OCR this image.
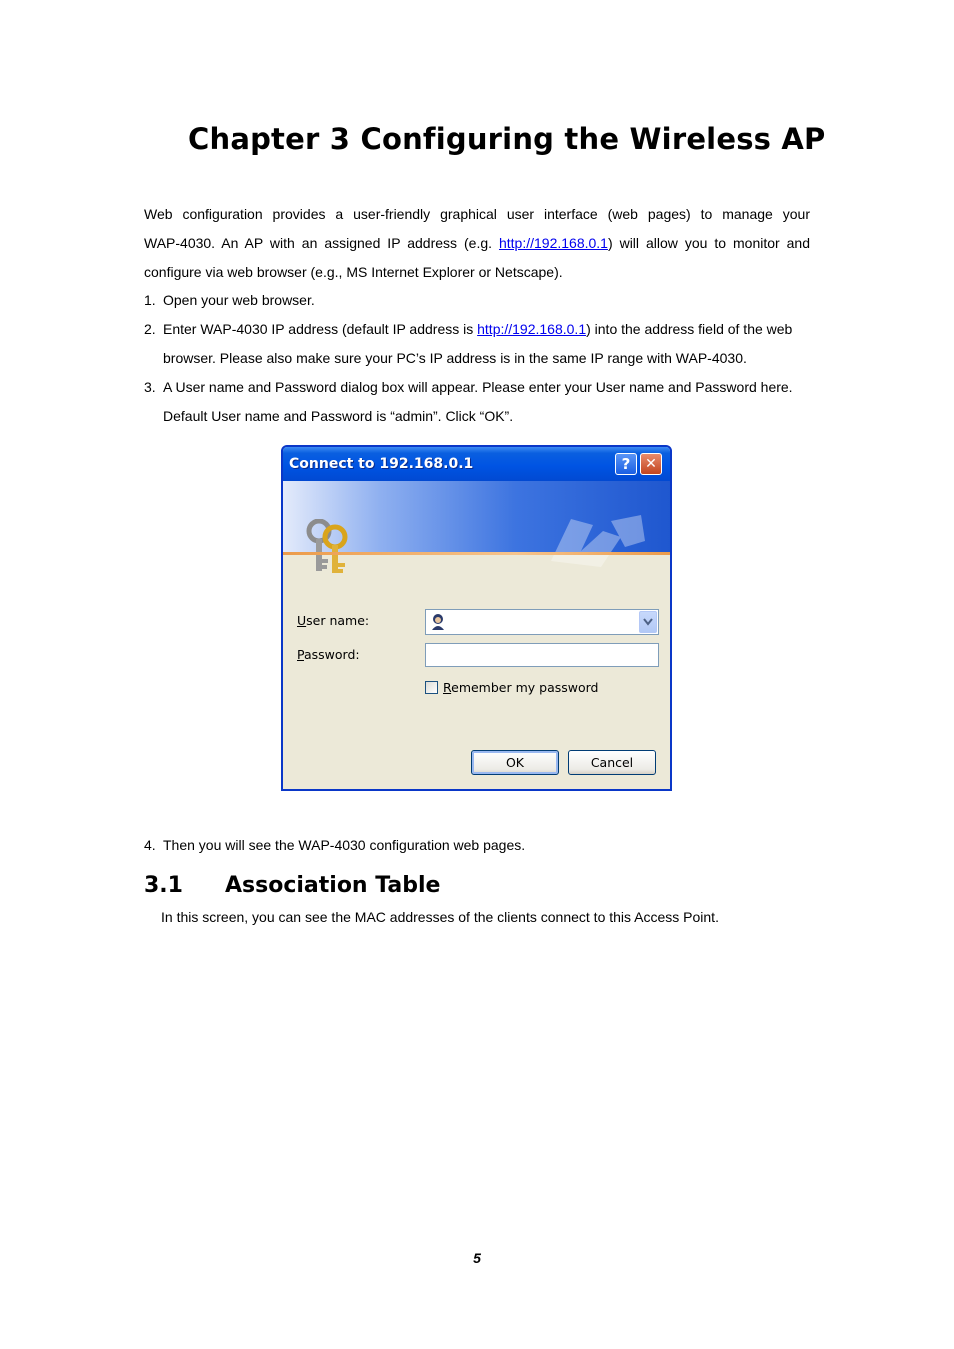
Chapter 3 Configuring the Wireless AP
Web configuration provides a user-friendly graphical user interface (web pages) to manage your
WAP-4030. An AP with an assigned IP address (e.g. http://192.168.0.1) will allow you to monitor and
configure via web browser (e.g., MS Internet Explorer or Netscape).
1. Open your web browser.
2. Enter WAP-4030 IP address (default IP address is http://192.168.0.1) into the address field of the web
browser. Please also make sure your PC’s IP address is in the same IP range with WAP-4030.
3. A User name and Password dialog box will appear. Please enter your User name and Password here.
Default User name and Password is “admin”. Click “OK”.
Connect to 192.168.0.1	?	✕
User name:
Password:
Remember my password
OK	Cancel
4. Then you will see the WAP-4030 configuration web pages.
3.1 Association Table
In this screen, you can see the MAC addresses of the clients connect to this Access Point.
5
